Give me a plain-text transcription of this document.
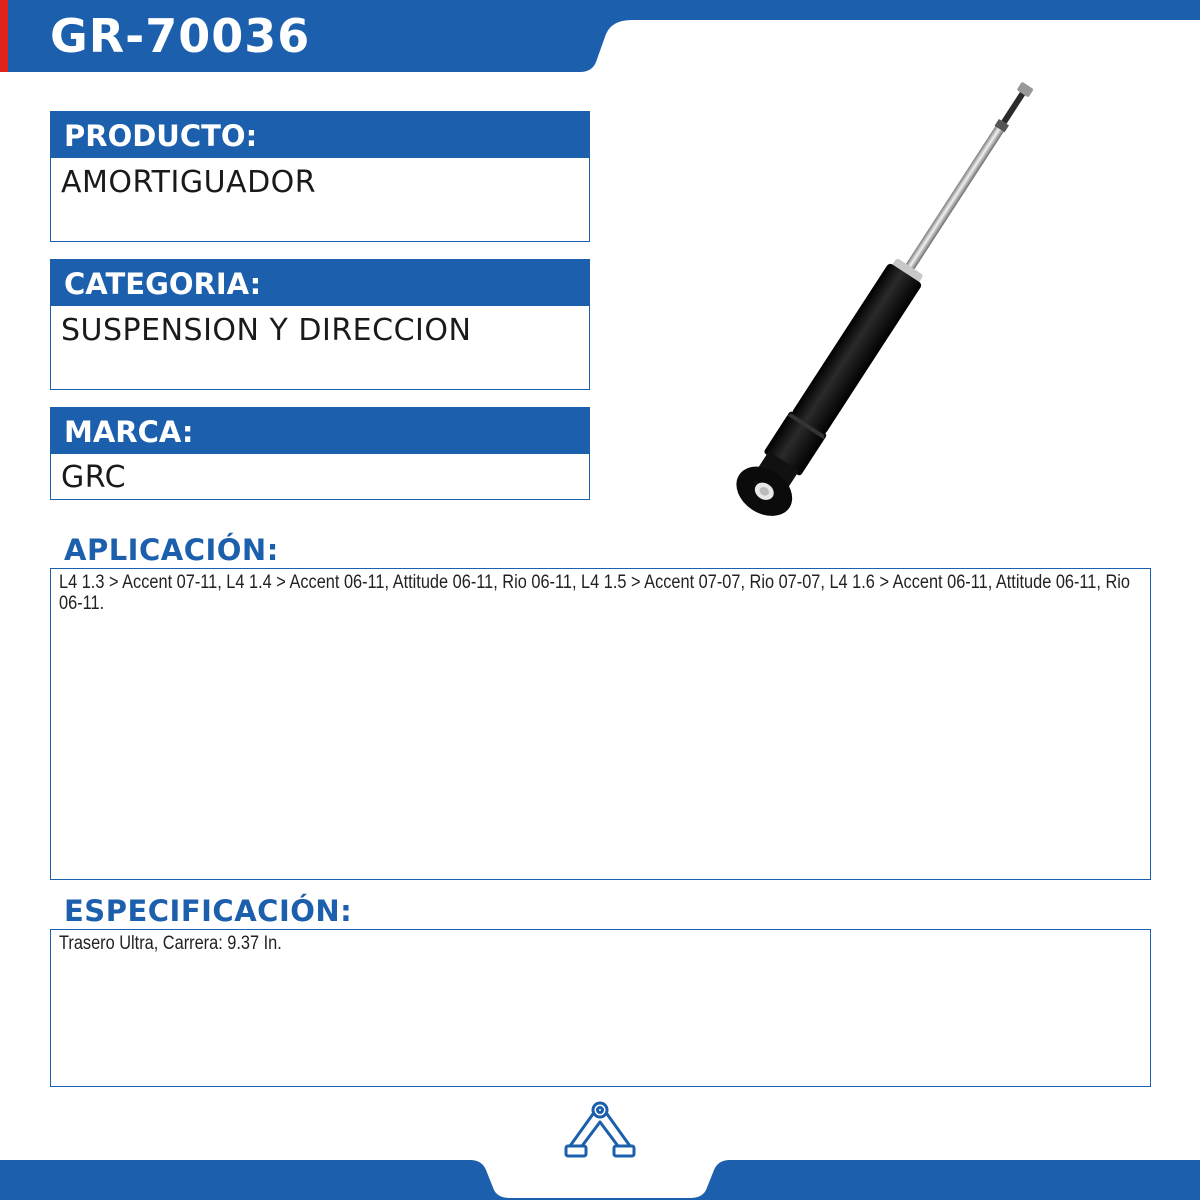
GR-70036
PRODUCTO:
AMORTIGUADOR
CATEGORIA:
SUSPENSION Y DIRECCION
MARCA:
GRC
APLICACIÓN:
L4 1.3 > Accent 07-11, L4 1.4 > Accent 06-11, Attitude 06-11, Rio 06-11, L4 1.5 > Accent 07-07, Rio 07-07, L4 1.6 > Accent 06-11, Attitude 06-11, Rio 06-11.
ESPECIFICACIÓN:
Trasero Ultra, Carrera: 9.37 In.
SUSPENSIÓN Y DIRECCIÓN
